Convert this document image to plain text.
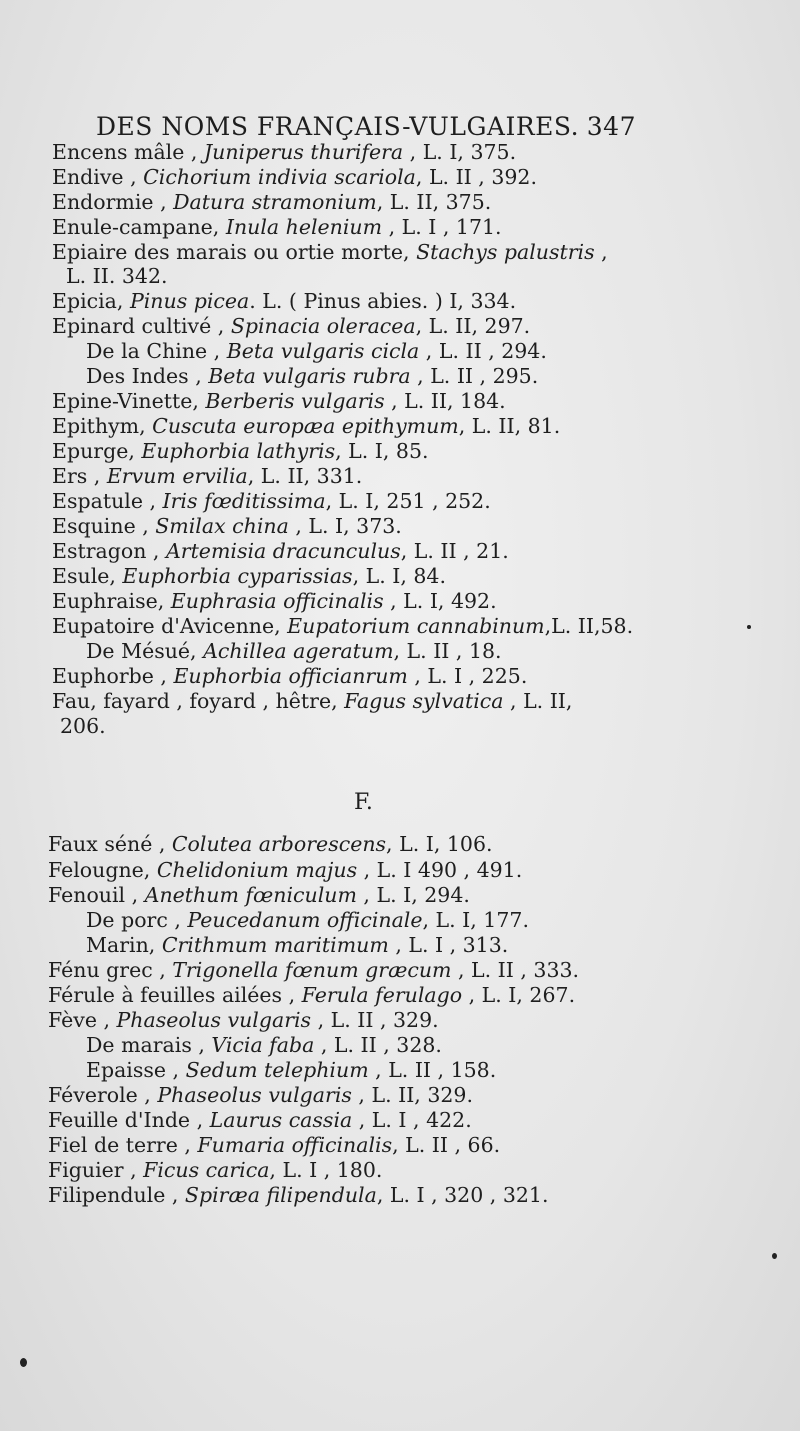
DES NOMS FRANÇAIS-VULGAIRES. 347
Encens mâle , Juniperus thurifera , L. I, 375.
Endive , Cichorium indivia scariola, L. II , 392.
Endormie , Datura stramonium, L. II, 375.
Enule-campane, Inula helenium , L. I , 171.
Epiaire des marais ou ortie morte, Stachys palustris ,
L. II. 342.
Epicia, Pinus picea. L. ( Pinus abies. ) I, 334.
Epinard cultivé , Spinacia oleracea, L. II, 297.
De la Chine , Beta vulgaris cicla , L. II , 294.
Des Indes , Beta vulgaris rubra , L. II , 295.
Epine-Vinette, Berberis vulgaris , L. II, 184.
Epithym, Cuscuta europæa epithymum, L. II, 81.
Epurge, Euphorbia lathyris, L. I, 85.
Ers , Ervum ervilia, L. II, 331.
Espatule , Iris fœditissima, L. I, 251 , 252.
Esquine , Smilax china , L. I, 373.
Estragon , Artemisia dracunculus, L. II , 21.
Esule, Euphorbia cyparissias, L. I, 84.
Euphraise, Euphrasia officinalis , L. I, 492.
Eupatoire d'Avicenne, Eupatorium cannabinum,L. II,58.
De Mésué, Achillea ageratum, L. II , 18.
Euphorbe , Euphorbia officianrum , L. I , 225.
Fau, fayard , foyard , hêtre, Fagus sylvatica , L. II,
206.
Faux séné , Colutea arborescens, L. I, 106.
Felougne, Chelidonium majus , L. I 490 , 491.
Fenouil , Anethum fœniculum , L. I, 294.
De porc , Peucedanum officinale, L. I, 177.
Marin, Crithmum maritimum , L. I , 313.
Fénu grec , Trigonella fœnum græcum , L. II , 333.
Férule à feuilles ailées , Ferula ferulago , L. I, 267.
Fève , Phaseolus vulgaris , L. II , 329.
De marais , Vicia faba , L. II , 328.
Epaisse , Sedum telephium , L. II , 158.
Féverole , Phaseolus vulgaris , L. II, 329.
Feuille d'Inde , Laurus cassia , L. I , 422.
Fiel de terre , Fumaria officinalis, L. II , 66.
Figuier , Ficus carica, L. I , 180.
Filipendule , Spiræa filipendula, L. I , 320 , 321.
F.
